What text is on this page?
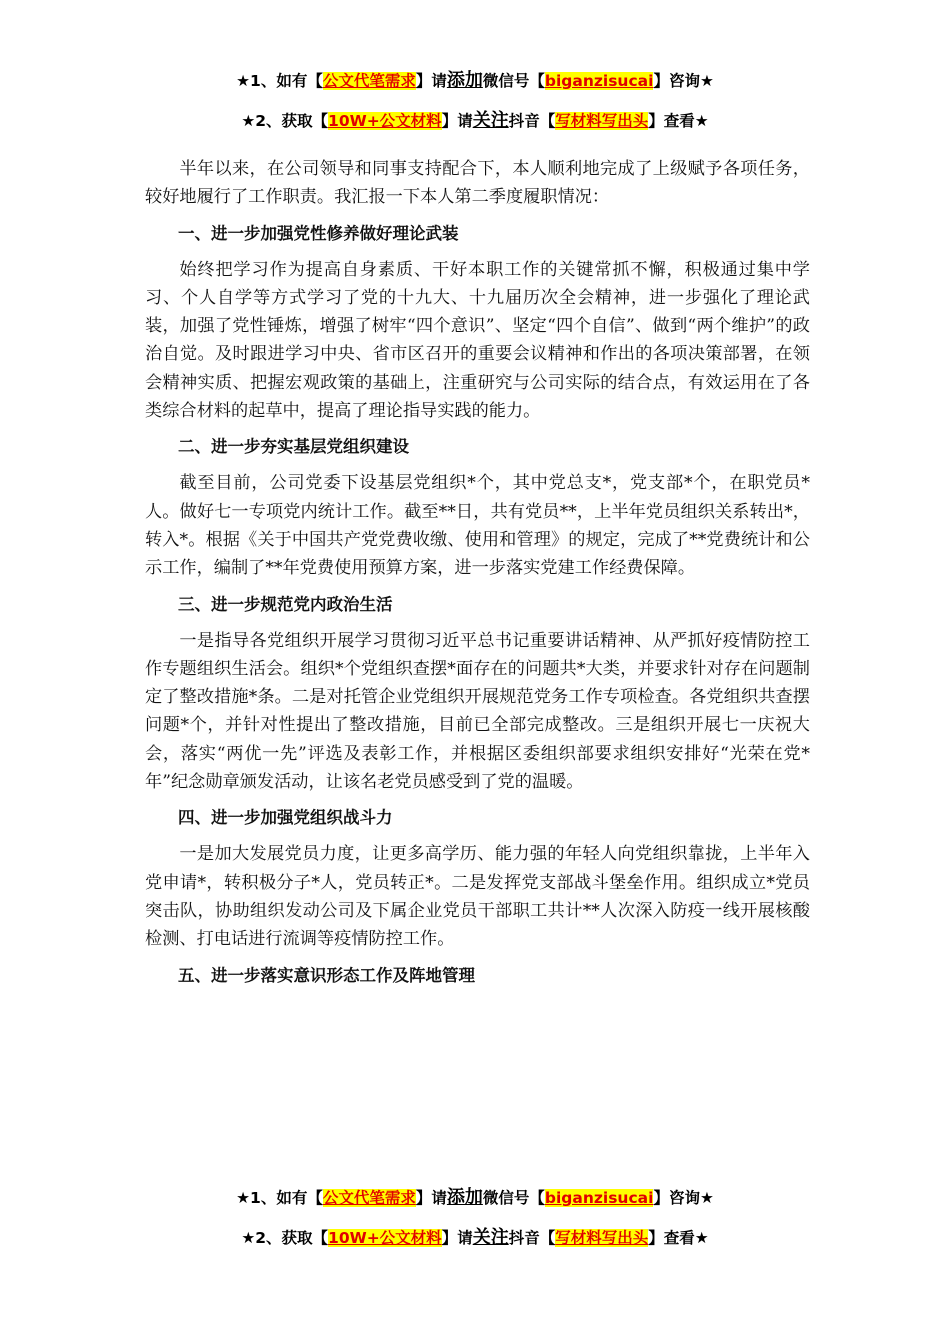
★1、如有【公文代笔需求】请添加微信号【biganzisucai】咨询★
★2、获取【10W+公文材料】请关注抖音【写材料写出头】查看★

半年以来，在公司领导和同事支持配合下，本人顺利地完成了上级赋予各项任务，较好地履行了工作职责。我汇报一下本人第二季度履职情况：

一、进一步加强党性修养做好理论武装

始终把学习作为提高自身素质、干好本职工作的关键常抓不懈，积极通过集中学习、个人自学等方式学习了党的十九大、十九届历次全会精神，进一步强化了理论武装，加强了党性锤炼，增强了树牢“四个意识”、坚定“四个自信”、做到“两个维护”的政治自觉。及时跟进学习中央、省市区召开的重要会议精神和作出的各项决策部署，在领会精神实质、把握宏观政策的基础上，注重研究与公司实际的结合点，有效运用在了各类综合材料的起草中，提高了理论指导实践的能力。

二、进一步夯实基层党组织建设

截至目前，公司党委下设基层党组织*个，其中党总支*，党支部*个，在职党员*人。做好七一专项党内统计工作。截至**日，共有党员**，上半年党员组织关系转出*，转入*。根据《关于中国共产党党费收缴、使用和管理》的规定，完成了**党费统计和公示工作，编制了**年党费使用预算方案，进一步落实党建工作经费保障。

三、进一步规范党内政治生活

一是指导各党组织开展学习贯彻习近平总书记重要讲话精神、从严抓好疫情防控工作专题组织生活会。组织*个党组织查摆*面存在的问题共*大类，并要求针对存在问题制定了整改措施*条。二是对托管企业党组织开展规范党务工作专项检查。各党组织共查摆问题*个，并针对性提出了整改措施，目前已全部完成整改。三是组织开展七一庆祝大会，落实“两优一先”评选及表彰工作，并根据区委组织部要求组织安排好“光荣在党*年”纪念勋章颁发活动，让该名老党员感受到了党的温暖。

四、进一步加强党组织战斗力

一是加大发展党员力度，让更多高学历、能力强的年轻人向党组织靠拢，上半年入党申请*，转积极分子*人，党员转正*。二是发挥党支部战斗堡垒作用。组织成立*党员突击队，协助组织发动公司及下属企业党员干部职工共计**人次深入防疫一线开展核酸检测、打电话进行流调等疫情防控工作。

五、进一步落实意识形态工作及阵地管理

★1、如有【公文代笔需求】请添加微信号【biganzisucai】咨询★
★2、获取【10W+公文材料】请关注抖音【写材料写出头】查看★
